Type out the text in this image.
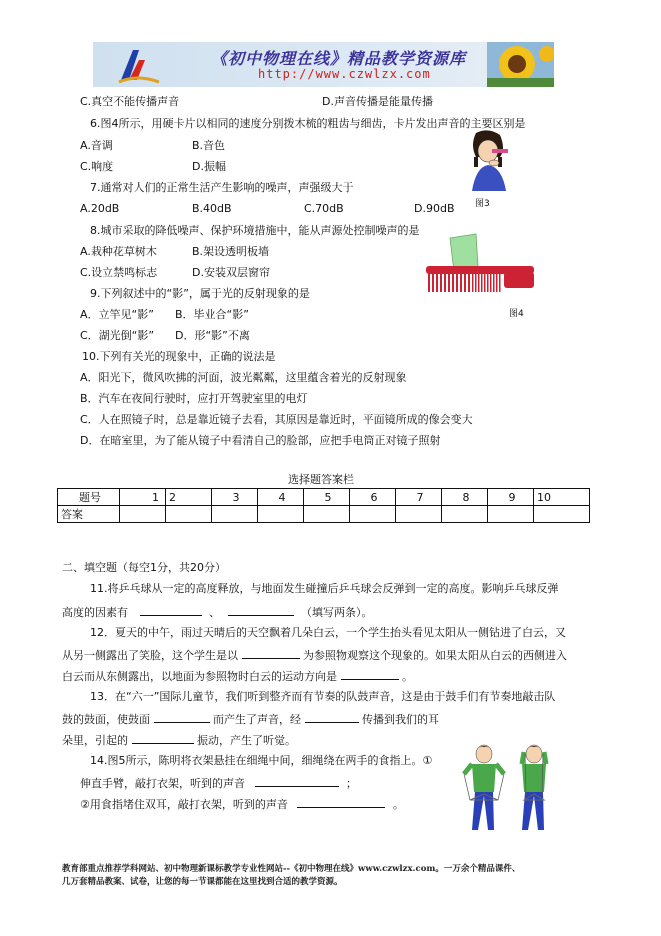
《初中物理在线》精品教学资源库
http://www.czwlzx.com
C.真空不能传播声音	D.声音传播是能量传播
6.图4所示，用硬卡片以相同的速度分别拨木梳的粗齿与细齿，卡片发出声音的主要区别是
A.音调	B.音色
C.响度	D.振幅
7.通常对人们的正常生活产生影响的噪声，声强级大于
A.20dB	B.40dB	C.70dB	D.90dB 图3
8.城市采取的降低噪声、保护环境措施中，能从声源处控制噪声的是
A.栽种花草树木	B.架设透明板墙
C.设立禁鸣标志	D.安装双层窗帘
图4
9.下列叙述中的“影”，属于光的反射现象的是
A．立竿见“影” B．毕业合“影”
C．湖光倒“影” D．形“影”不离
10.下列有关光的现象中，正确的说法是
A．阳光下，微风吹拂的河面，波光粼粼，这里蕴含着光的反射现象
B．汽车在夜间行驶时，应打开驾驶室里的电灯
C．人在照镜子时，总是靠近镜子去看，其原因是靠近时，平面镜所成的像会变大
D．在暗室里，为了能从镜子中看清自己的脸部，应把手电筒正对镜子照射
选择题答案栏
题号	1	2	3	4	5	6	7	8	9	10
答案										
二、填空题（每空1分，共20分）
11.将乒乓球从一定的高度释放，与地面发生碰撞后乒乓球会反弹到一定的高度。影响乒乓球反弹
高度的因素有	、	（填写两条）。
12．夏天的中午，雨过天晴后的天空飘着几朵白云，一个学生抬头看见太阳从一侧钻进了白云，又
从另一侧露出了笑脸，这个学生是以	为参照物观察这个现象的。如果太阳从白云的西侧进入
白云而从东侧露出，以地面为参照物时白云的运动方向是	。
13．在“六一”国际儿童节，我们听到整齐而有节奏的队鼓声音，这是由于鼓手们有节奏地敲击队
鼓的鼓面，使鼓面	而产生了声音，经	传播到我们的耳
朵里，引起的	振动，产生了听觉。
14.图5所示，陈明将衣架悬挂在细绳中间，细绳绕在两手的食指上。①
伸直手臂，敲打衣架，听到的声音	；
②用食指堵住双耳，敲打衣架，听到的声音	。
教育部重点推荐学科网站、初中物理新课标教学专业性网站--《初中物理在线》www.czwlzx.com。一万余个精品课件、
几万套精品教案、试卷，让您的每一节课都能在这里找到合适的教学资源。
